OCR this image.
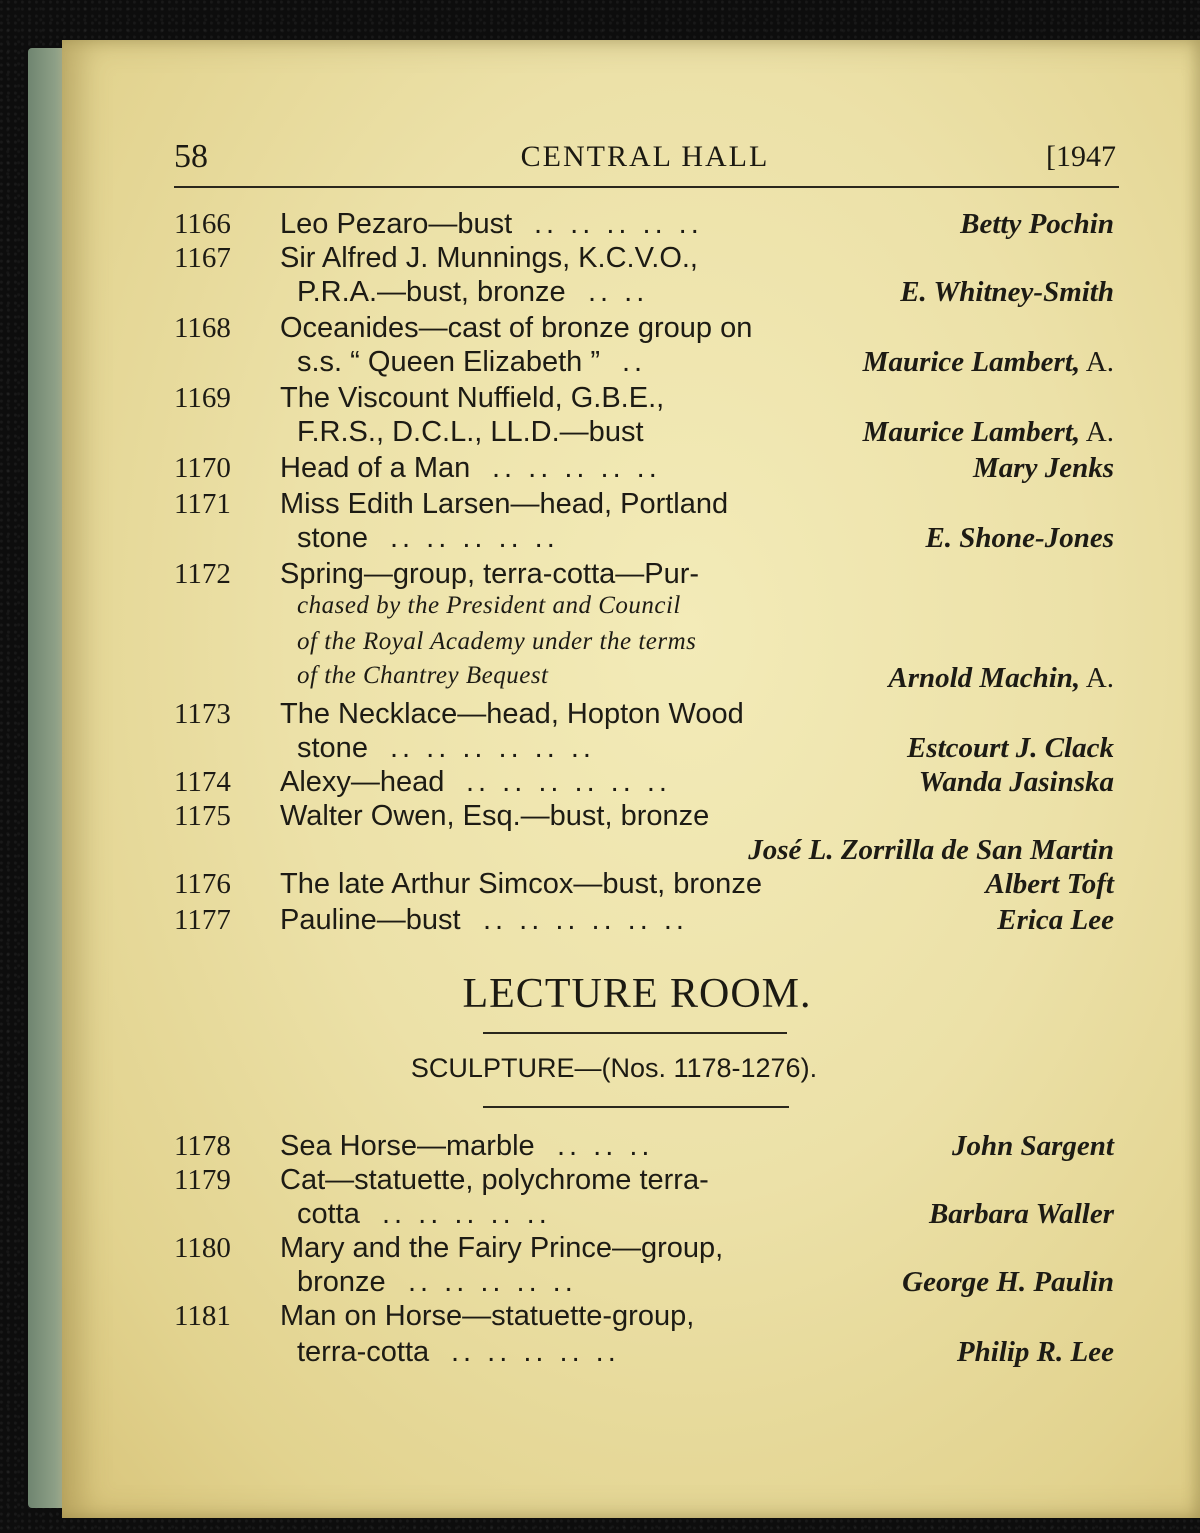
58	CENTRAL HALL	[1947
1166 Leo Pezaro—bust .. .. .. .. ..	Betty Pochin
1167 Sir Alfred J. Munnings, K.C.V.O.,
P.R.A.—bust, bronze .. ..	E. Whitney-Smith
1168 Oceanides—cast of bronze group on
s.s. “ Queen Elizabeth ” ..	Maurice Lambert, A.
1169 The Viscount Nuffield, G.B.E.,
F.R.S., D.C.L., LL.D.—bust	Maurice Lambert, A.
1170 Head of a Man .. .. .. .. ..	Mary Jenks
1171 Miss Edith Larsen—head, Portland
stone .. .. .. .. ..	E. Shone-Jones
1172 Spring—group, terra-cotta—Pur-
chased by the President and Council
of the Royal Academy under the terms
of the Chantrey Bequest	Arnold Machin, A.
1173 The Necklace—head, Hopton Wood
stone .. .. .. .. .. ..	Estcourt J. Clack
1174 Alexy—head .. .. .. .. .. ..	Wanda Jasinska
1175 Walter Owen, Esq.—bust, bronze
José L. Zorrilla de San Martin
1176 The late Arthur Simcox—bust, bronze	Albert Toft
1177 Pauline—bust .. .. .. .. .. ..	Erica Lee
LECTURE ROOM.
SCULPTURE—(Nos. 1178-1276).
1178 Sea Horse—marble .. .. ..	John Sargent
1179 Cat—statuette, polychrome terra-
cotta .. .. .. .. ..	Barbara Waller
1180 Mary and the Fairy Prince—group,
bronze .. .. .. .. ..	George H. Paulin
1181 Man on Horse—statuette-group,
terra-cotta .. .. .. .. ..	Philip R. Lee
